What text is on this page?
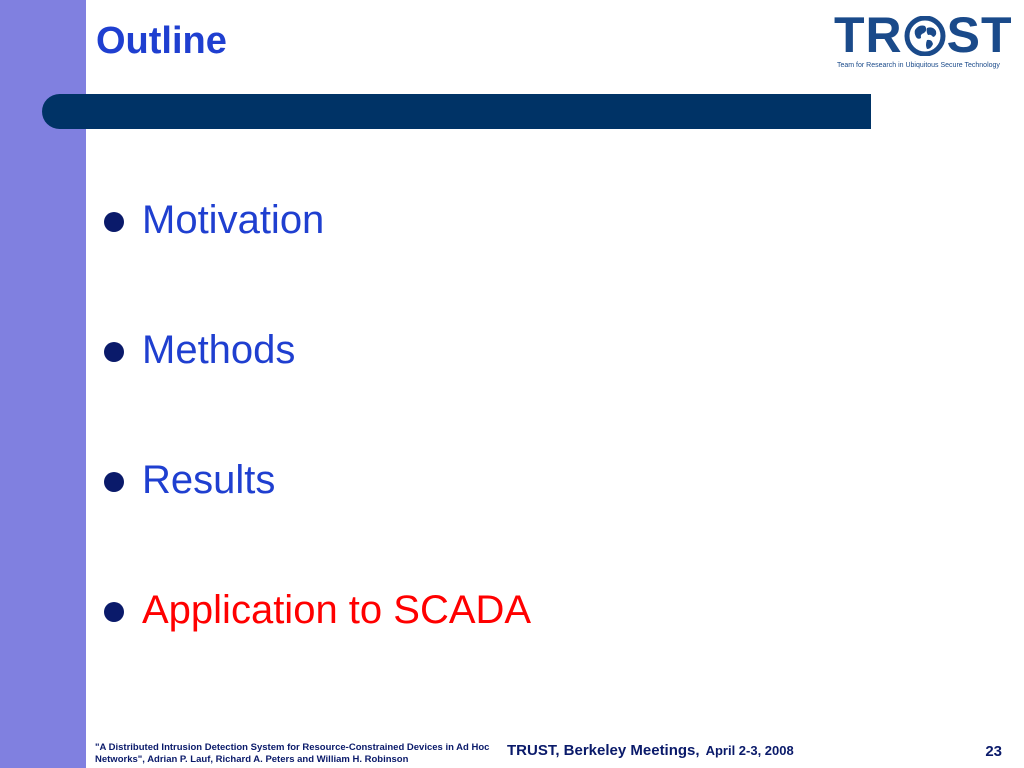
Outline	TR ST
Team for Research in Ubiquitous Secure Technology
Motivation
Methods
Results
Application to SCADA
"A Distributed Intrusion Detection System for Resource-Constrained Devices in Ad Hoc Networks", Adrian P. Lauf, Richard A. Peters and William H. Robinson
TRUST, Berkeley Meetings, April 2-3, 2008	23
